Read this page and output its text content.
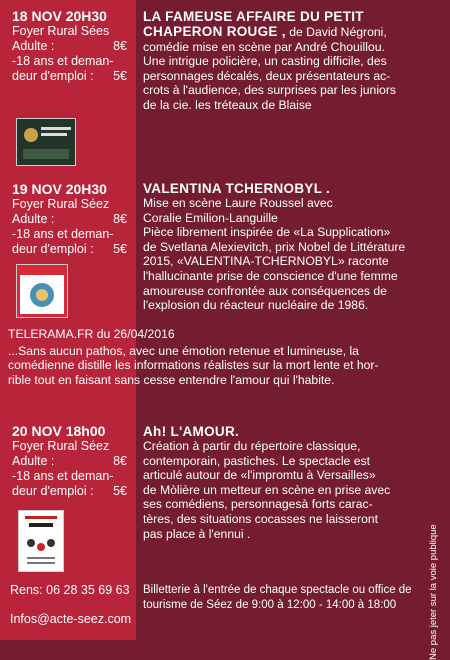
18 NOV 20H30
Foyer Rural Sées
Adulte :	8€
-18 ans et deman-
deur d'emploi : 5€
LA FAMEUSE AFFAIRE DU PETIT
CHAPERON ROUGE , de David Négroni,
comédie mise en scène par André Chouillou.
Une intrigue policière, un casting difficile, des
personnages décalés, deux présentateurs ac-
crots à l'audience, des surprises par les juniors
de la cie. les tréteaux de Blaise
19 NOV 20H30
Foyer Rural Séez
Adulte :	8€
-18 ans et deman-
deur d'emploi : 5€
VALENTINA TCHERNOBYL .
Mise en scène Laure Roussel avec
Coralie Emilion-Languille
Pièce librement inspirée de «La Supplication»
de Svetlana Alexievitch, prix Nobel de Littérature
2015, «VALENTINA-TCHERNOBYL» raconte
l'hallucinante prise de conscience d'une femme
amoureuse confrontée aux conséquences de
l'explosion du réacteur nucléaire de 1986.
TELERAMA.FR du 26/04/2016
...Sans aucun pathos, avec une émotion retenue et lumineuse, la
comédienne distille les informations réalistes sur la mort lente et hor-
rible tout en faisant sans cesse entendre l'amour qui l'habite.
20 NOV 18h00
Foyer Rural Séez
Adulte :	8€
-18 ans et deman-
deur d'emploi : 5€
Ah! L'AMOUR.
Création à partir du répertoire classique,
contemporain, pastiches. Le spectacle est
articulé autour de «l'impromtu à Versailles»
de Mòlière un metteur en scène en prise avec
ses comédiens, personnagesà forts carac-
tères, des situations cocasses ne laisseront
pas place à l'ennui .
Rens: 06 28 35 69 63
Infos@acte-seez.com
Billetterie à l'entrée de chaque spectacle ou office de
tourisme de Séez de 9:00 à 12:00 - 14:00 à 18:00	Ne pas jeter sur la voie publique
